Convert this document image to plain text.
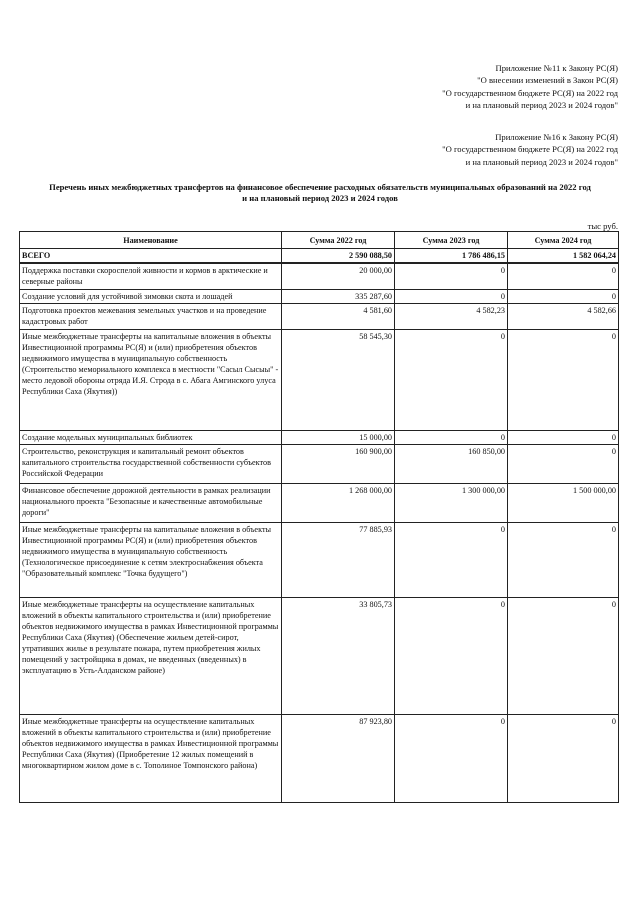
Приложение №11 к Закону РС(Я)
"О внесении изменений в Закон РС(Я)
"О государственном бюджете РС(Я) на 2022 год
и на плановый период 2023 и 2024 годов"
Приложение №16 к Закону РС(Я)
"О государственном бюджете РС(Я) на 2022 год
и на плановый период 2023 и 2024 годов"
Перечень иных межбюджетных трансфертов на финансовое обеспечение расходных обязательств муниципальных образований на 2022 год
и на плановый период 2023 и 2024 годов
тыс руб.
Наименование	Сумма 2022 год	Сумма 2023 год	Сумма 2024 год
ВСЕГО	2 590 088,50	1 786 486,15	1 582 064,24
Поддержка поставки скороспелой живности и кормов в арктические и северные районы	20 000,00	0	0
Создание условий для устойчивой зимовки скота и лошадей	335 287,60	0	0
Подготовка проектов межевания земельных участков и на проведение кадастровых работ	4 581,60	4 582,23	4 582,66
Иные межбюджетные трансферты на капитальные вложения в объекты Инвестиционной программы РС(Я) и (или) приобретения объектов недвижимого имущества в муниципальную собственность (Строительство мемориального комплекса в местности "Сасыл Сысыы" - место ледовой обороны отряда И.Я. Строда в с. Абага Амгинского улуса Республики Саха (Якутия))	58 545,30	0	0
Создание модельных муниципальных библиотек	15 000,00	0	0
Строительство, реконструкция и капитальный ремонт объектов капитального строительства государственной собственности субъектов Российской Федерации	160 900,00	160 850,00	0
Финансовое обеспечение дорожной деятельности в рамках реализации национального проекта "Безопасные и качественные автомобильные дороги"	1 268 000,00	1 300 000,00	1 500 000,00
Иные межбюджетные трансферты на капитальные вложения в объекты Инвестиционной программы РС(Я) и (или) приобретения объектов недвижимого имущества в муниципальную собственность (Технологическое присоединение к сетям электроснабжения объекта "Образовательный комплекс "Точка будущего")	77 885,93	0	0
Иные межбюджетные трансферты на осуществление капитальных вложений в объекты капитального строительства и (или) приобретение объектов недвижимого имущества в рамках Инвестиционной программы Республики Саха (Якутия) (Обеспечение жильем детей-сирот, утративших жилье в результате пожара, путем приобретения жилых помещений у застройщика в домах, не введенных (введенных) в эксплуатацию в Усть-Алданском районе)	33 805,73	0	0
Иные межбюджетные трансферты на осуществление капитальных вложений в объекты капитального строительства и (или) приобретение объектов недвижимого имущества в рамках Инвестиционной программы Республики Саха (Якутия) (Приобретение 12 жилых помещений в многоквартирном жилом доме в с. Тополиное Томпонского района)	87 923,80	0	0
